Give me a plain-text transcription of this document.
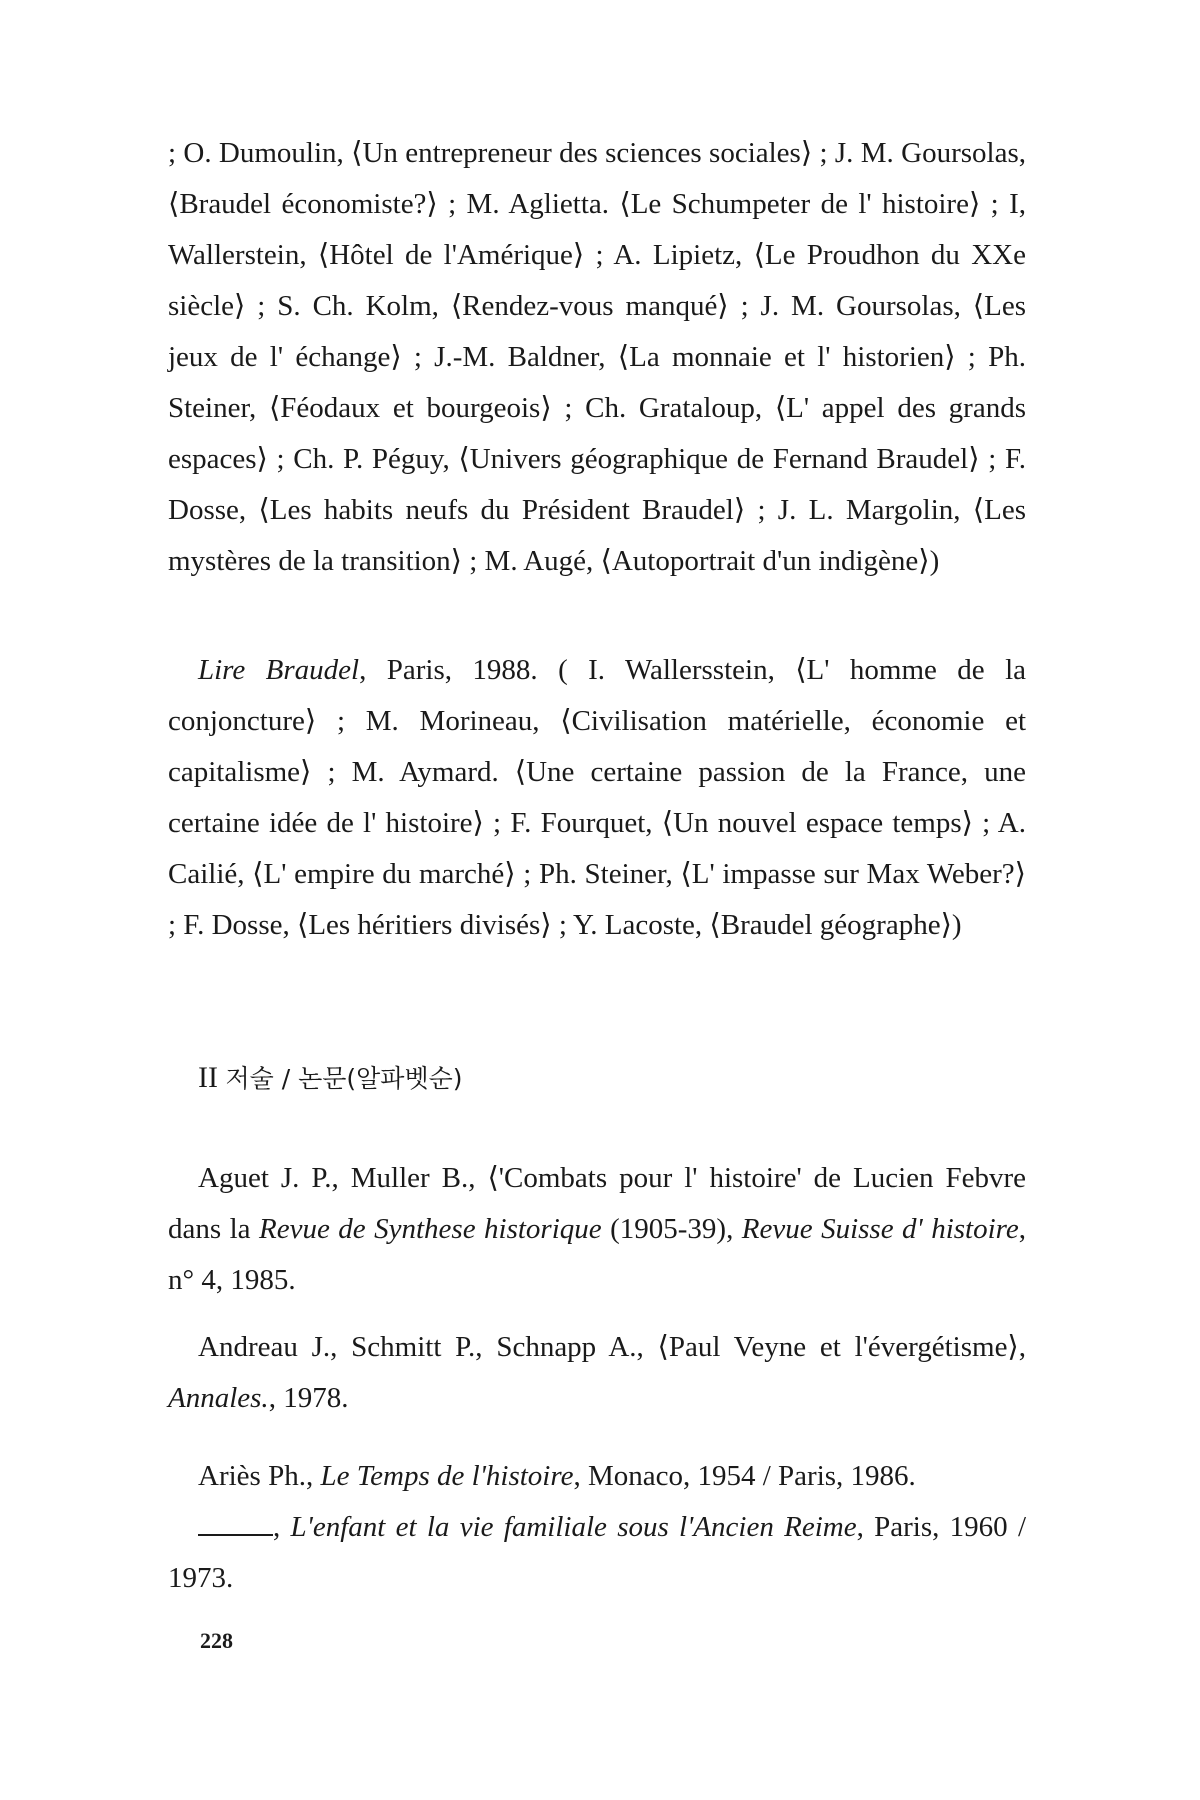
; O. Dumoulin, ⟨Un entrepreneur des sciences sociales⟩ ; J. M. Goursolas, ⟨Braudel économiste?⟩ ; M. Aglietta. ⟨Le Schumpeter de l' histoire⟩ ; I, Wallerstein, ⟨Hôtel de l'Amérique⟩ ; A. Lipietz, ⟨Le Proudhon du XXe siècle⟩ ; S. Ch. Kolm, ⟨Rendez-vous manqué⟩ ; J. M. Goursolas, ⟨Les jeux de l' échange⟩ ; J.-M. Baldner, ⟨La monnaie et l' historien⟩ ; Ph. Steiner, ⟨Féodaux et bourgeois⟩ ; Ch. Grataloup, ⟨L' appel des grands espaces⟩ ; Ch. P. Péguy, ⟨Univers géographique de Fernand Braudel⟩ ; F. Dosse, ⟨Les habits neufs du Président Braudel⟩ ; J. L. Margolin, ⟨Les mystères de la transition⟩ ; M. Augé, ⟨Autoportrait d'un indigène⟩)

Lire Braudel, Paris, 1988. ( I. Wallersstein, ⟨L' homme de la conjoncture⟩ ; M. Morineau, ⟨Civilisation matérielle, économie et capitalisme⟩ ; M. Aymard. ⟨Une certaine passion de la France, une certaine idée de l' histoire⟩ ; F. Fourquet, ⟨Un nouvel espace temps⟩ ; A. Cailié, ⟨L' empire du marché⟩ ; Ph. Steiner, ⟨L' impasse sur Max Weber?⟩ ; F. Dosse, ⟨Les héritiers divisés⟩ ; Y. Lacoste, ⟨Braudel géographe⟩)

II 저술 / 논문(알파벳순)
Aguet J. P., Muller B., ⟨'Combats pour l' histoire' de Lucien Febvre dans la Revue de Synthese historique (1905-39), Revue Suisse d' histoire, n° 4, 1985.
Andreau J., Schmitt P., Schnapp A., ⟨Paul Veyne et l'évergétisme⟩, Annales., 1978.
Ariès Ph., Le Temps de l'histoire, Monaco, 1954 / Paris, 1986.
, L'enfant et la vie familiale sous l'Ancien Reime, Paris, 1960 / 1973.
228
